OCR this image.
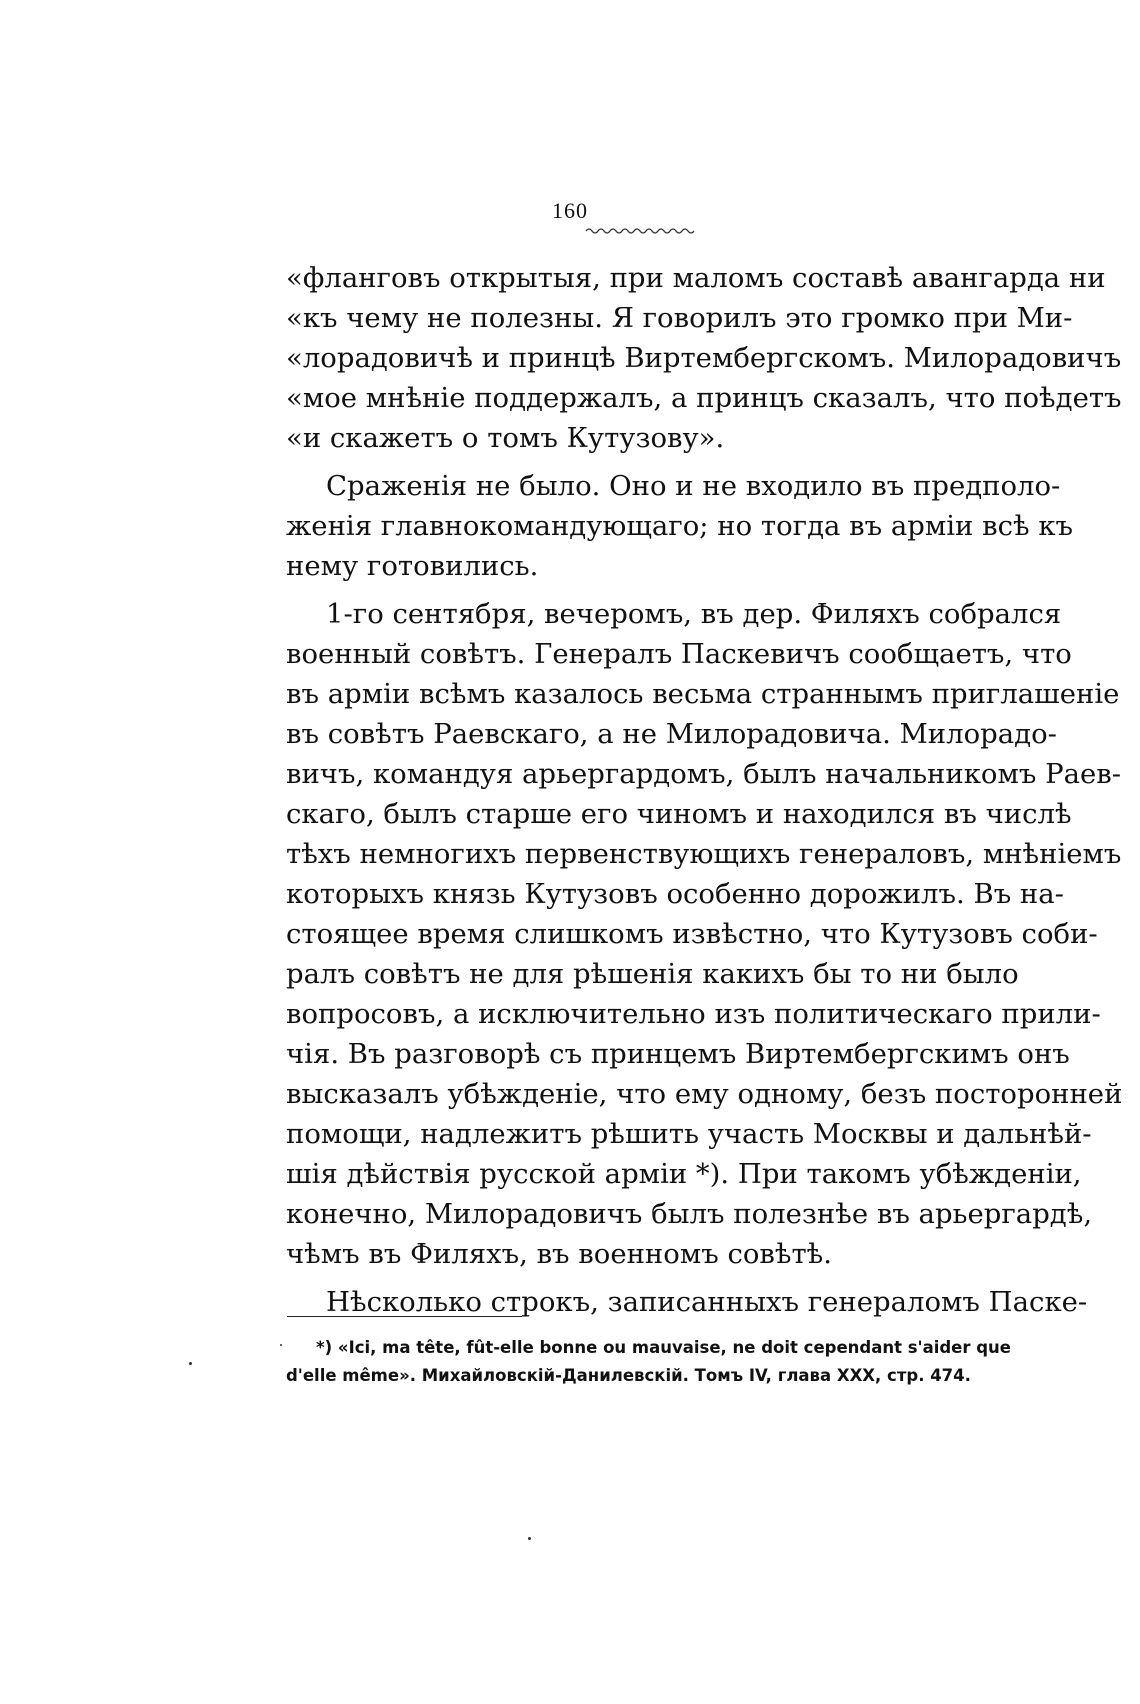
160
«фланговъ открытыя, при маломъ составѣ авангарда ни
«къ чему не полезны. Я говорилъ это громко при Ми-
«лорадовичѣ и принцѣ Виртембергскомъ. Милорадовичъ
«мое мнѣніе поддержалъ, а принцъ сказалъ, что поѣдетъ
«и скажетъ о томъ Кутузову».
Сраженія не было. Оно и не входило въ предполо-
женія главнокомандующаго; но тогда въ арміи всѣ къ
нему готовились.
1-го сентября, вечеромъ, въ дер. Филяхъ собрался
военный совѣтъ. Генералъ Паскевичъ сообщаетъ, что
въ арміи всѣмъ казалось весьма страннымъ приглашеніе
въ совѣтъ Раевскаго, а не Милорадовича. Милорадо-
вичъ, командуя арьергардомъ, былъ начальникомъ Раев-
скаго, былъ старше его чиномъ и находился въ числѣ
тѣхъ немногихъ первенствующихъ генераловъ, мнѣніемъ
которыхъ князь Кутузовъ особенно дорожилъ. Въ на-
стоящее время слишкомъ извѣстно, что Кутузовъ соби-
ралъ совѣтъ не для рѣшенія какихъ бы то ни было
вопросовъ, а исключительно изъ политическаго прили-
чія. Въ разговорѣ съ принцемъ Виртембергскимъ онъ
высказалъ убѣжденіе, что ему одному, безъ посторонней
помощи, надлежитъ рѣшить участь Москвы и дальнѣй-
шія дѣйствія русской арміи *). При такомъ убѣжденіи,
конечно, Милорадовичъ былъ полезнѣе въ арьергардѣ,
чѣмъ въ Филяхъ, въ военномъ совѣтѣ.
Нѣсколько строкъ, записанныхъ генераломъ Паске-
*) «Ici, ma tête, fût-elle bonne ou mauvaise, ne doit cependant s'aider que
d'elle même». Михайловскій-Данилевскій. Томъ IV, глава XXX, стр. 474.
